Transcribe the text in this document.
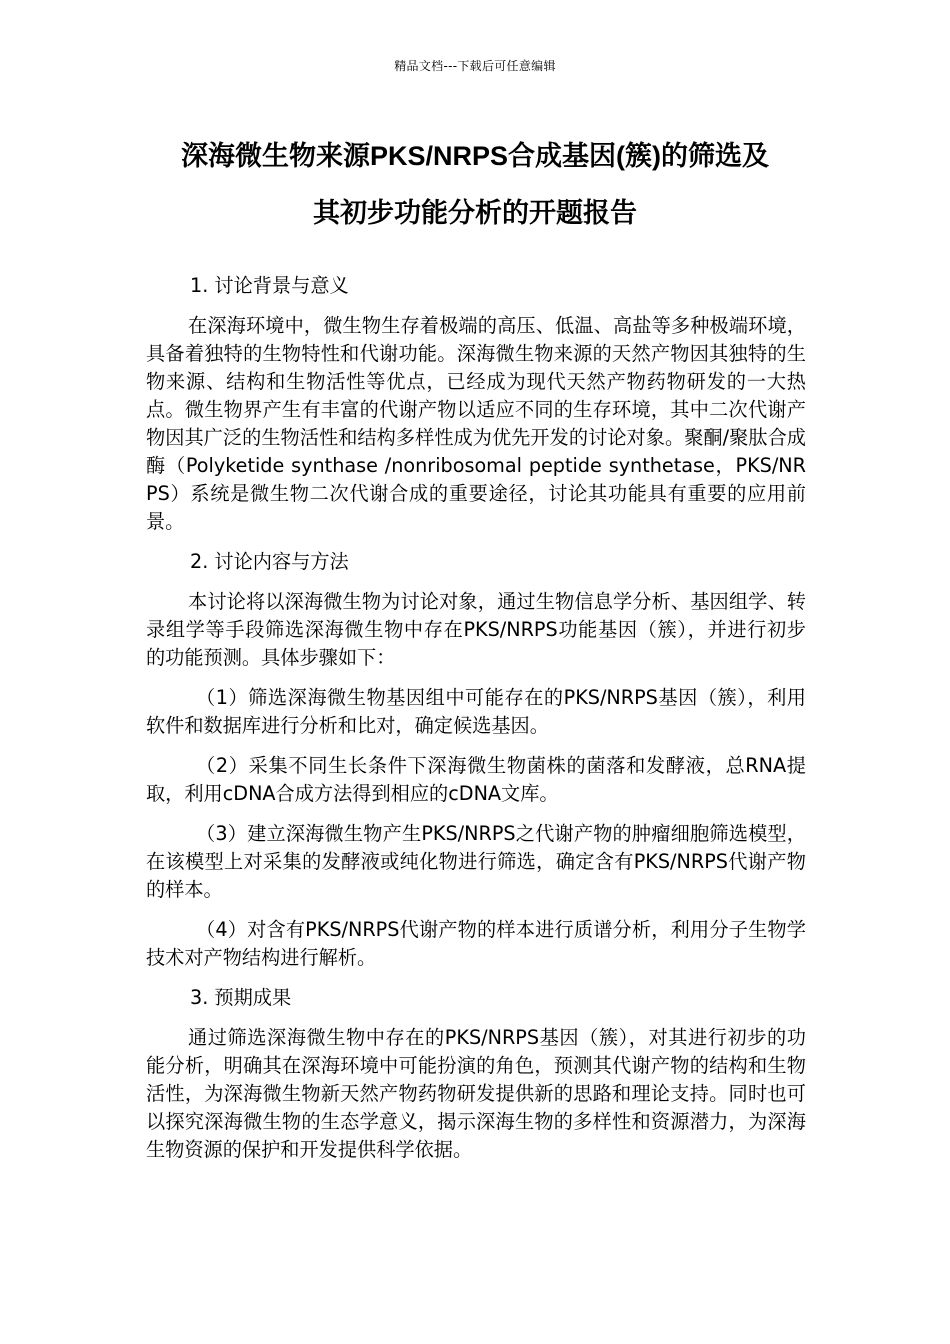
精品文档---下载后可任意编辑
深海微生物来源PKS/NRPS合成基因(簇)的筛选及
其初步功能分析的开题报告

1. 讨论背景与意义

在深海环境中，微生物生存着极端的高压、低温、高盐等多种极端环境，具备着独特的生物特性和代谢功能。深海微生物来源的天然产物因其独特的生物来源、结构和生物活性等优点，已经成为现代天然产物药物研发的一大热点。微生物界产生有丰富的代谢产物以适应不同的生存环境，其中二次代谢产物因其广泛的生物活性和结构多样性成为优先开发的讨论对象。聚酮/聚肽合成酶（Polyketide synthase /nonribosomal peptide synthetase，PKS/NRPS）系统是微生物二次代谢合成的重要途径，讨论其功能具有重要的应用前景。

2. 讨论内容与方法

本讨论将以深海微生物为讨论对象，通过生物信息学分析、基因组学、转录组学等手段筛选深海微生物中存在PKS/NRPS功能基因（簇），并进行初步的功能预测。具体步骤如下：

（1）筛选深海微生物基因组中可能存在的PKS/NRPS基因（簇），利用软件和数据库进行分析和比对，确定候选基因。

（2）采集不同生长条件下深海微生物菌株的菌落和发酵液，总RNA提取，利用cDNA合成方法得到相应的cDNA文库。

（3）建立深海微生物产生PKS/NRPS之代谢产物的肿瘤细胞筛选模型，在该模型上对采集的发酵液或纯化物进行筛选，确定含有PKS/NRPS代谢产物的样本。

（4）对含有PKS/NRPS代谢产物的样本进行质谱分析，利用分子生物学技术对产物结构进行解析。

3. 预期成果

通过筛选深海微生物中存在的PKS/NRPS基因（簇），对其进行初步的功能分析，明确其在深海环境中可能扮演的角色，预测其代谢产物的结构和生物活性，为深海微生物新天然产物药物研发提供新的思路和理论支持。同时也可以探究深海微生物的生态学意义，揭示深海生物的多样性和资源潜力，为深海生物资源的保护和开发提供科学依据。
